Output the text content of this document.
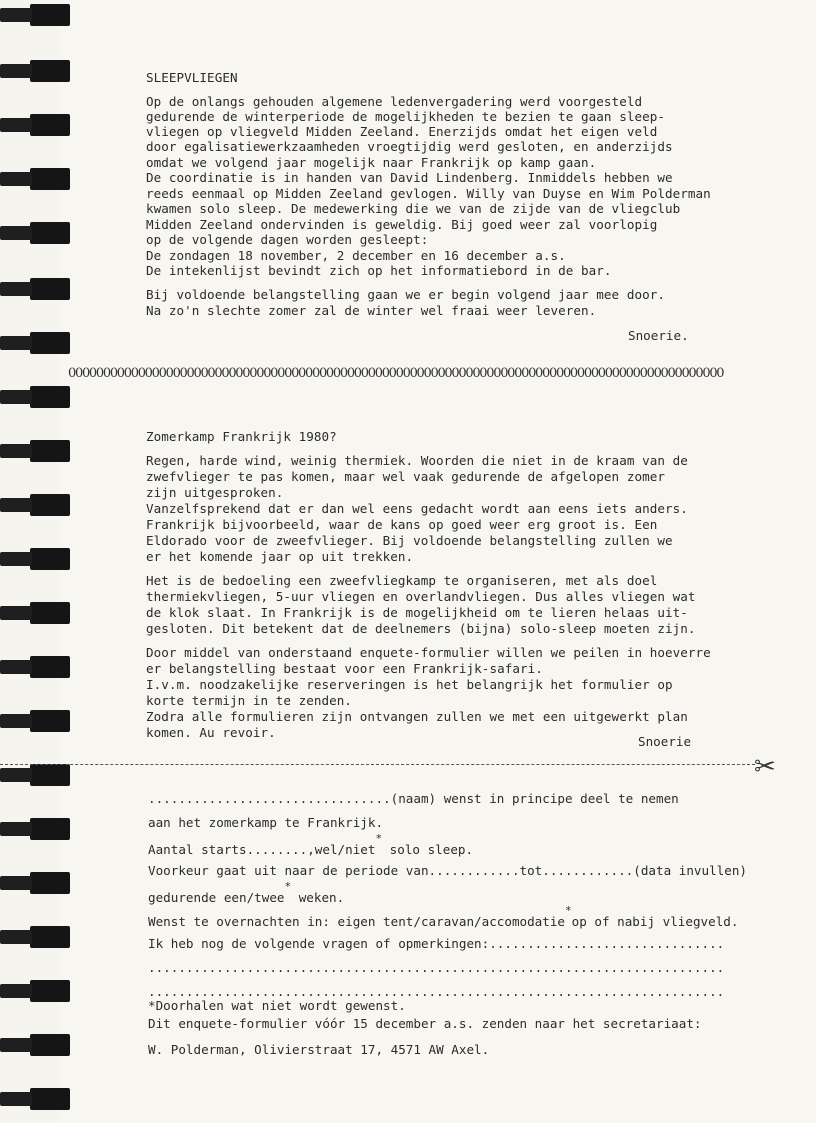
SLEEPVLIEGEN
Op de onlangs gehouden algemene ledenvergadering werd voorgesteld
gedurende de winterperiode de mogelijkheden te bezien te gaan sleep-
vliegen op vliegveld Midden Zeeland. Enerzijds omdat het eigen veld
door egalisatiewerkzaamheden vroegtijdig werd gesloten, en anderzijds
omdat we volgend jaar mogelijk naar Frankrijk op kamp gaan.
De coordinatie is in handen van David Lindenberg. Inmiddels hebben we
reeds eenmaal op Midden Zeeland gevlogen. Willy van Duyse en Wim Polderman
kwamen solo sleep. De medewerking die we van de zijde van de vliegclub
Midden Zeeland ondervinden is geweldig. Bij goed weer zal voorlopig
op de volgende dagen worden gesleept:
De zondagen 18 november, 2 december en 16 december a.s.
De intekenlijst bevindt zich op het informatiebord in de bar.
Bij voldoende belangstelling gaan we er begin volgend jaar mee door.
Na zo'n slechte zomer zal de winter wel fraai weer leveren.
Snoerie.
0000000000000000000000000000000000000000000000000000000000000000000000000000000000000000000000
Zomerkamp Frankrijk 1980?
Regen, harde wind, weinig thermiek. Woorden die niet in de kraam van de
zwefvlieger te pas komen, maar wel vaak gedurende de afgelopen zomer
zijn uitgesproken.
Vanzelfsprekend dat er dan wel eens gedacht wordt aan eens iets anders.
Frankrijk bijvoorbeeld, waar de kans op goed weer erg groot is. Een
Eldorado voor de zweefvlieger. Bij voldoende belangstelling zullen we
er het komende jaar op uit trekken.
Het is de bedoeling een zweefvliegkamp te organiseren, met als doel
thermiekvliegen, 5-uur vliegen en overlandvliegen. Dus alles vliegen wat
de klok slaat. In Frankrijk is de mogelijkheid om te lieren helaas uit-
gesloten. Dit betekent dat de deelnemers (bijna) solo-sleep moeten zijn.
Door middel van onderstaand enquete-formulier willen we peilen in hoeverre
er belangstelling bestaat voor een Frankrijk-safari.
I.v.m. noodzakelijke reserveringen is het belangrijk het formulier op
korte termijn in te zenden.
Zodra alle formulieren zijn ontvangen zullen we met een uitgewerkt plan
komen. Au revoir.
Snoerie
✂
................................(naam) wenst in principe deel te nemen
aan het zomerkamp te Frankrijk.
Aantal starts........,wel/niet* solo sleep.
Voorkeur gaat uit naar de periode van............tot............(data invullen)
gedurende een/twee* weken.
Wenst te overnachten in: eigen tent/caravan/accomodatie*op of nabij vliegveld.
Ik heb nog de volgende vragen of opmerkingen:...............................
............................................................................
............................................................................
*Doorhalen wat niet wordt gewenst.
Dit enquete-formulier vóór 15 december a.s. zenden naar het secretariaat:
W. Polderman, Olivierstraat 17, 4571 AW Axel.
